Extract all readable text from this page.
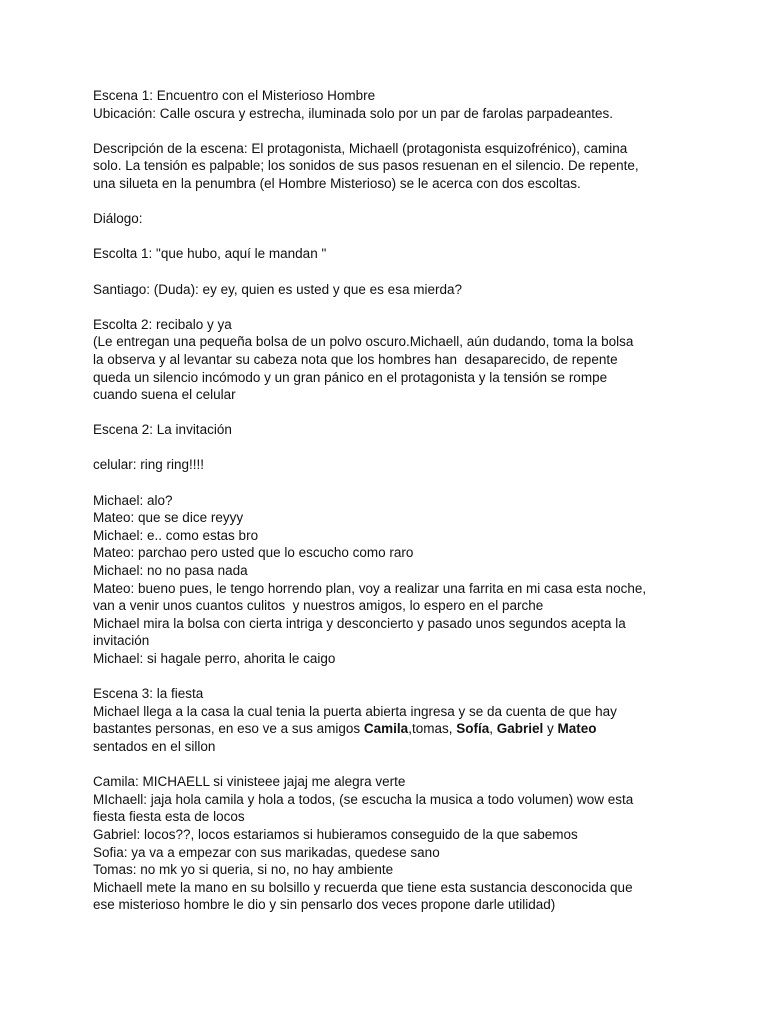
Escena 1: Encuentro con el Misterioso Hombre
Ubicación: Calle oscura y estrecha, iluminada solo por un par de farolas parpadeantes.
Descripción de la escena: El protagonista, Michaell (protagonista esquizofrénico), camina
solo. La tensión es palpable; los sonidos de sus pasos resuenan en el silencio. De repente,
una silueta en la penumbra (el Hombre Misterioso) se le acerca con dos escoltas.
Diálogo:
Escolta 1: "que hubo, aquí le mandan "
Santiago: (Duda): ey ey, quien es usted y que es esa mierda?
Escolta 2: recibalo y ya
(Le entregan una pequeña bolsa de un polvo oscuro.Michaell, aún dudando, toma la bolsa
la observa y al levantar su cabeza nota que los hombres han  desaparecido, de repente
queda un silencio incómodo y un gran pánico en el protagonista y la tensión se rompe
cuando suena el celular
Escena 2: La invitación
celular: ring ring!!!!
Michael: alo?
Mateo: que se dice reyyy
Michael: e.. como estas bro
Mateo: parchao pero usted que lo escucho como raro
Michael: no no pasa nada
Mateo: bueno pues, le tengo horrendo plan, voy a realizar una farrita en mi casa esta noche,
van a venir unos cuantos culitos  y nuestros amigos, lo espero en el parche
Michael mira la bolsa con cierta intriga y desconcierto y pasado unos segundos acepta la
invitación
Michael: si hagale perro, ahorita le caigo
Escena 3: la fiesta
Michael llega a la casa la cual tenia la puerta abierta ingresa y se da cuenta de que hay
bastantes personas, en eso ve a sus amigos Camila,tomas, Sofía, Gabriel y Mateo
sentados en el sillon
Camila: MICHAELL si vinisteee jajaj me alegra verte
MIchaell: jaja hola camila y hola a todos, (se escucha la musica a todo volumen) wow esta
fiesta fiesta esta de locos
Gabriel: locos??, locos estariamos si hubieramos conseguido de la que sabemos
Sofia: ya va a empezar con sus marikadas, quedese sano
Tomas: no mk yo si queria, si no, no hay ambiente
Michaell mete la mano en su bolsillo y recuerda que tiene esta sustancia desconocida que
ese misterioso hombre le dio y sin pensarlo dos veces propone darle utilidad)
